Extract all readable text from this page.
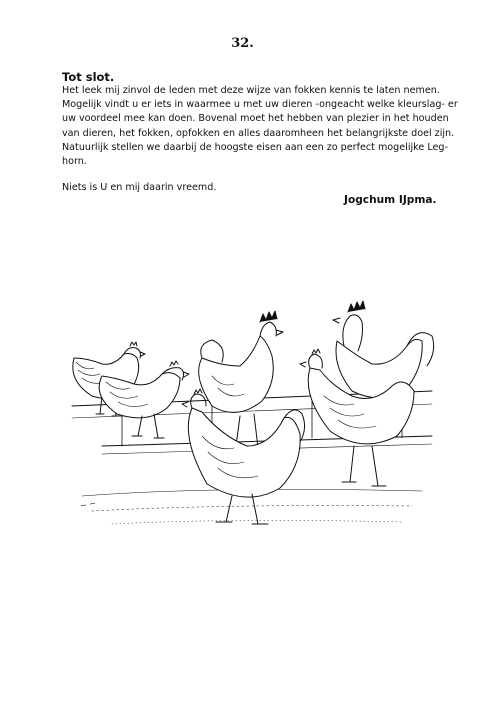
32.
Tot slot.

Het leek mij zinvol de leden met deze wijze van fokken kennis te laten nemen.

Mogelijk vindt u er iets in waarmee u met uw dieren -ongeacht welke kleurslag- er

uw voordeel mee kan doen. Bovenal moet het hebben van plezier in het houden

van dieren, het fokken, opfokken en alles daaromheen het belangrijkste doel zijn.

Natuurlijk stellen we daarbij de hoogste eisen aan een zo perfect mogelijke Leg-

horn.

Niets is U en mij daarin vreemd.
Jogchum IJpma.
~ ~
